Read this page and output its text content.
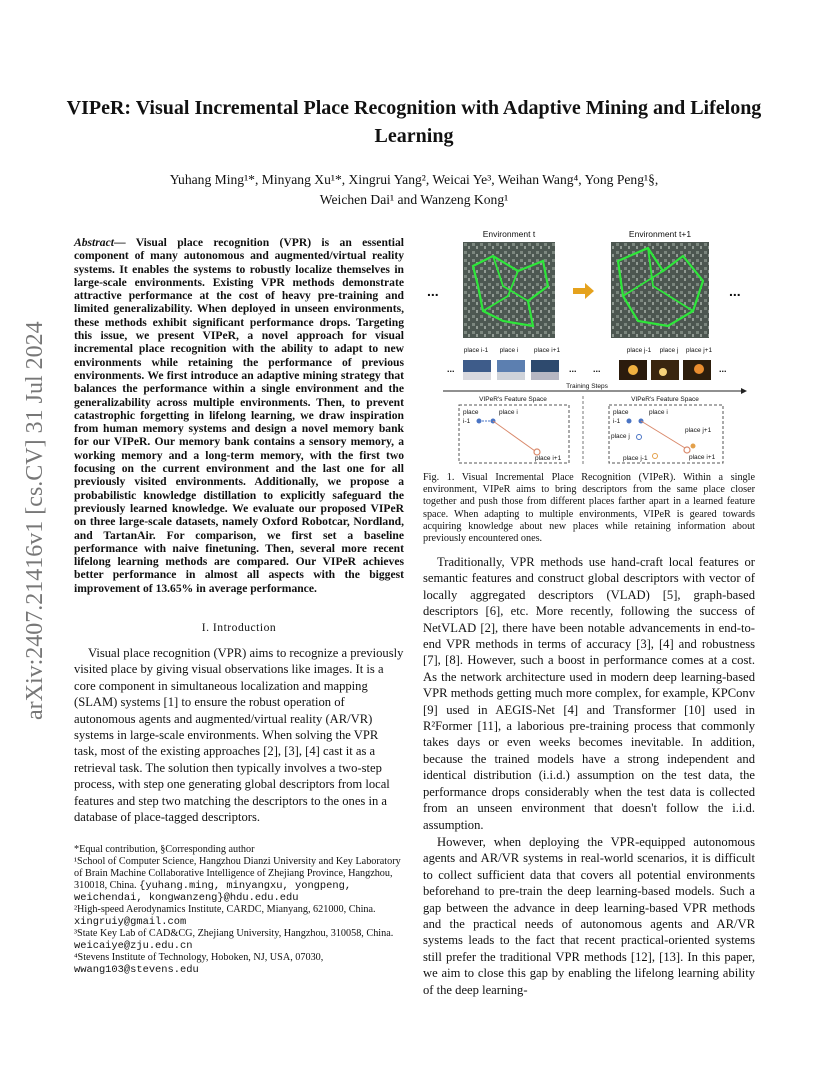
VIPeR: Visual Incremental Place Recognition with Adaptive Mining and Lifelong Learning
Yuhang Ming¹*, Minyang Xu¹*, Xingrui Yang², Weicai Ye³, Weihan Wang⁴, Yong Peng¹§,
Weichen Dai¹ and Wanzeng Kong¹
arXiv:2407.21416v1 [cs.CV] 31 Jul 2024

Abstract— Visual place recognition (VPR) is an essential component of many autonomous and augmented/virtual reality systems. It enables the systems to robustly localize themselves in large-scale environments. Existing VPR methods demonstrate attractive performance at the cost of heavy pre-training and limited generalizability. When deployed in unseen environments, these methods exhibit significant performance drops. Targeting this issue, we present VIPeR, a novel approach for visual incremental place recognition with the ability to adapt to new environments while retaining the performance of previous environments. We first introduce an adaptive mining strategy that balances the performance within a single environment and the generalizability across multiple environments. Then, to prevent catastrophic forgetting in lifelong learning, we draw inspiration from human memory systems and design a novel memory bank for our VIPeR. Our memory bank contains a sensory memory, a working memory and a long-term memory, with the first two focusing on the current environment and the last one for all previously visited environments. Additionally, we propose a probabilistic knowledge distillation to explicitly safeguard the previously learned knowledge. We evaluate our proposed VIPeR on three large-scale datasets, namely Oxford Robotcar, Nordland, and TartanAir. For comparison, we first set a baseline performance with naive finetuning. Then, several more recent lifelong learning methods are compared. Our VIPeR achieves better performance in almost all aspects with the biggest improvement of 13.65% in average performance.

I. Introduction

Visual place recognition (VPR) aims to recognize a previously visited place by giving visual observations like images. It is a core component in simultaneous localization and mapping (SLAM) systems [1] to ensure the robust operation of autonomous agents and augmented/virtual reality (AR/VR) systems in large-scale environments. When solving the VPR task, most of the existing approaches [2], [3], [4] cast it as a retrieval task. The solution then typically involves a two-step process, with step one generating global descriptors from local features and step two matching the descriptors to the ones in a database of place-tagged descriptors.

*Equal contribution, §Corresponding author

¹School of Computer Science, Hangzhou Dianzi University and Key Laboratory of Brain Machine Collaborative Intelligence of Zhejiang Province, Hangzhou, 310018, China. {yuhang.ming, minyangxu, yongpeng, weichendai, kongwanzeng}@hdu.edu.edu

²High-speed Aerodynamics Institute, CARDC, Mianyang, 621000, China. xingruiy@gmail.com

³State Key Lab of CAD&CG, Zhejiang University, Hangzhou, 310058, China. weicaiye@zju.edu.cn

⁴Stevens Institute of Technology, Hoboken, NJ, USA, 07030, wwang103@stevens.edu

Environment t	Environment t+1
...	...
place i-1 place i place i+1	place j-1 place j place j+1
...	... ...	...
Training Steps
VIPeR's Feature Space	VIPeR's Feature Space
place
i-1
place i
place i+1
place
i-1
place i
place j
place j+1
place j-1	place i+1
Fig. 1. Visual Incremental Place Recognition (VIPeR). Within a single environment, VIPeR aims to bring descriptors from the same place closer together and push those from different places farther apart in a learned feature space. When adapting to multiple environments, VIPeR is geared towards acquiring knowledge about new places while retaining information about previously encountered ones.

Traditionally, VPR methods use hand-craft local features or semantic features and construct global descriptors with vector of locally aggregated descriptors (VLAD) [5], graph-based descriptors [6], etc. More recently, following the success of NetVLAD [2], there have been notable advancements in end-to-end VPR methods in terms of accuracy [3], [4] and robustness [7], [8]. However, such a boost in performance comes at a cost. As the network architecture used in modern deep learning-based VPR methods getting much more complex, for example, KPConv [9] used in AEGIS-Net [4] and Transformer [10] used in R²Former [11], a laborious pre-training process that commonly takes days or even weeks becomes inevitable. In addition, because the trained models have a strong independent and identical distribution (i.i.d.) assumption on the test data, the performance drops considerably when the test data is collected from an unseen environment that doesn't follow the i.i.d. assumption.

However, when deploying the VPR-equipped autonomous agents and AR/VR systems in real-world scenarios, it is difficult to collect sufficient data that covers all potential environments beforehand to pre-train the deep learning-based models. Such a gap between the advance in deep learning-based VPR methods and the practical needs of autonomous agents and AR/VR systems leads to the fact that recent practical-oriented systems still prefer the traditional VPR methods [12], [13]. In this paper, we aim to close this gap by enabling the lifelong learning ability of the deep learning-
